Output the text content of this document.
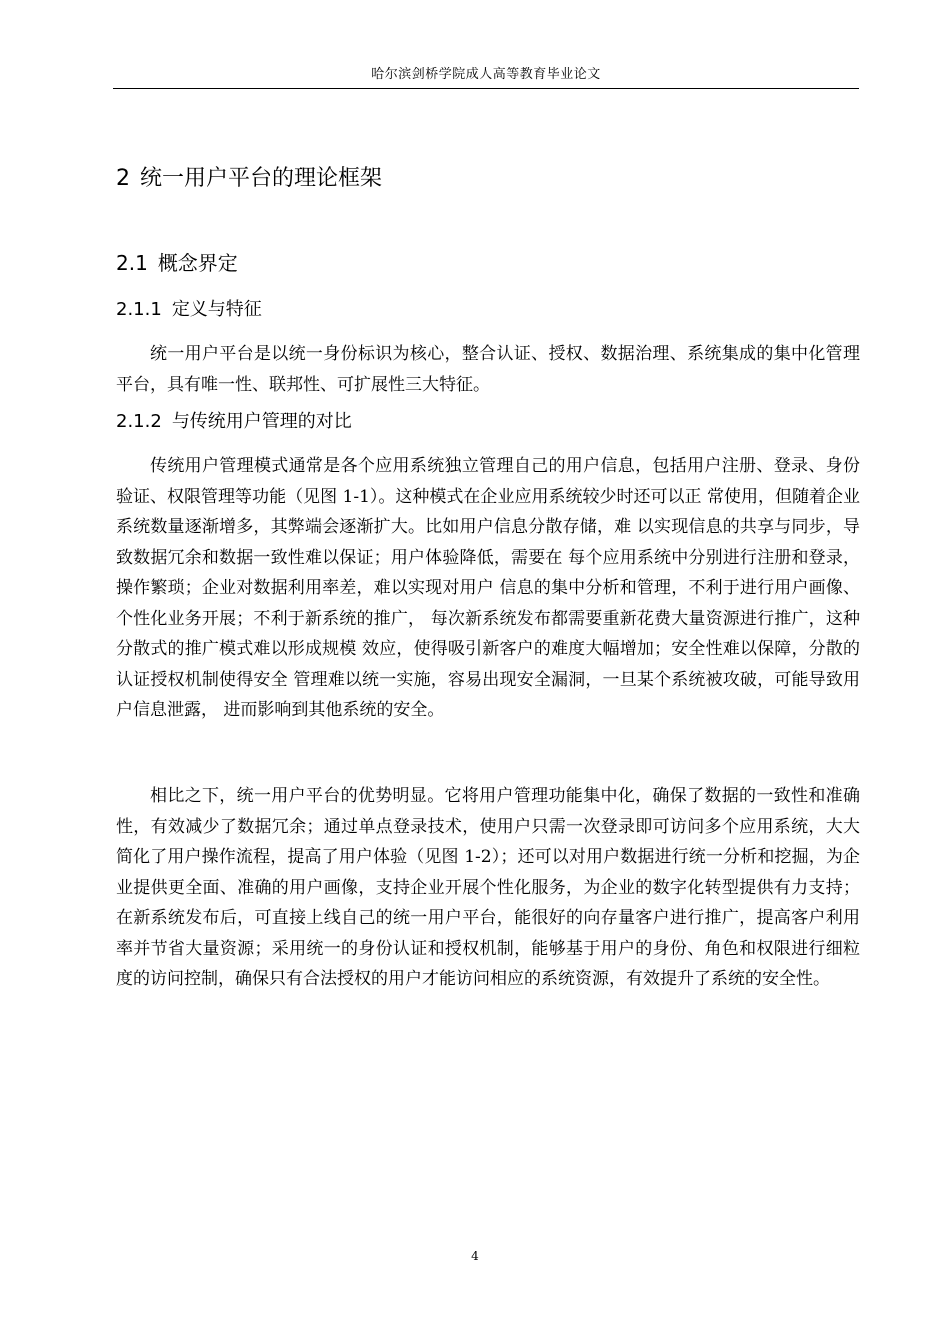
哈尔滨剑桥学院成人高等教育毕业论文
2 统一用户平台的理论框架
2.1 概念界定
2.1.1 定义与特征

统一用户平台是以统一身份标识为核心，整合认证、授权、数据治理、系统集成的集中化管理平台，具有唯一性、联邦性、可扩展性三大特征。

2.1.2 与传统用户管理的对比

传统用户管理模式通常是各个应用系统独立管理自己的用户信息，包括用户注册、登录、身份验证、权限管理等功能（见图 1-1）。这种模式在企业应用系统较少时还可以正 常使用，但随着企业系统数量逐渐增多，其弊端会逐渐扩大。比如用户信息分散存储，难 以实现信息的共享与同步，导致数据冗余和数据一致性难以保证；用户体验降低，需要在 每个应用系统中分别进行注册和登录，操作繁琐；企业对数据利用率差，难以实现对用户 信息的集中分析和管理，不利于进行用户画像、个性化业务开展；不利于新系统的推广， 每次新系统发布都需要重新花费大量资源进行推广，这种分散式的推广模式难以形成规模 效应，使得吸引新客户的难度大幅增加；安全性难以保障，分散的认证授权机制使得安全 管理难以统一实施，容易出现安全漏洞，一旦某个系统被攻破，可能导致用户信息泄露， 进而影响到其他系统的安全。

相比之下，统一用户平台的优势明显。它将用户管理功能集中化，确保了数据的一致性和准确性，有效减少了数据冗余；通过单点登录技术，使用户只需一次登录即可访问多个应用系统，大大简化了用户操作流程，提高了用户体验（见图 1-2）；还可以对用户数据进行统一分析和挖掘，为企业提供更全面、准确的用户画像，支持企业开展个性化服务，为企业的数字化转型提供有力支持；在新系统发布后，可直接上线自己的统一用户平台，能很好的向存量客户进行推广，提高客户利用率并节省大量资源；采用统一的身份认证和授权机制，能够基于用户的身份、角色和权限进行细粒度的访问控制，确保只有合法授权的用户才能访问相应的系统资源，有效提升了系统的安全性。

4
